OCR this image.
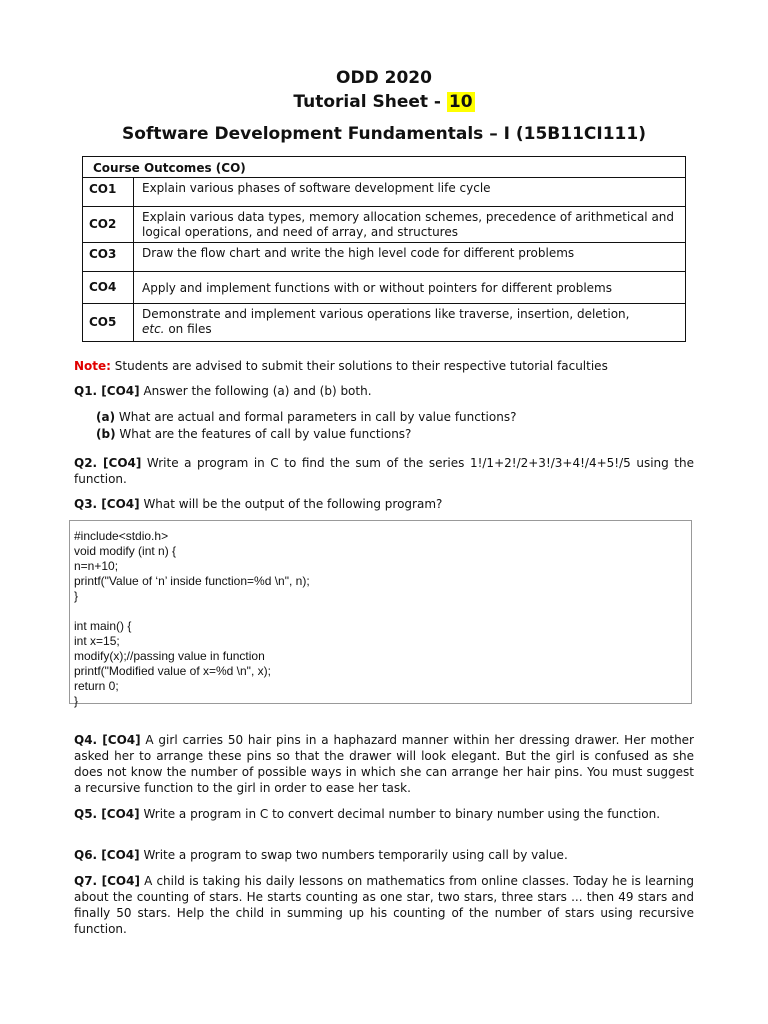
ODD 2020
Tutorial Sheet - 10
Software Development Fundamentals – I (15B11CI111)
Course Outcomes (CO)	
CO1	Explain various phases of software development life cycle
CO2	Explain various data types, memory allocation schemes, precedence of arithmetical and logical operations, and need of array, and structures
CO3	Draw the flow chart and write the high level code for different problems
CO4	Apply and implement functions with or without pointers for different problems
CO5	Demonstrate and implement various operations like traverse, insertion, deletion,
etc. on files
Note: Students are advised to submit their solutions to their respective tutorial faculties
Q1. [CO4] Answer the following (a) and (b) both.
(a) What are actual and formal parameters in call by value functions?
(b) What are the features of call by value functions?
Q2. [CO4] Write a program in C to find the sum of the series 1!/1+2!/2+3!/3+4!/4+5!/5 using the function.
Q3. [CO4] What will be the output of the following program?
#include<stdio.h>
void modify (int n) {
n=n+10;
printf("Value of ‘n’ inside function=%d \n", n);
}
int main() {
int x=15;
modify(x);//passing value in function
printf("Modified value of x=%d \n", x);
return 0;
}
Q4. [CO4] A girl carries 50 hair pins in a haphazard manner within her dressing drawer. Her mother asked her to arrange these pins so that the drawer will look elegant. But the girl is confused as she does not know the number of possible ways in which she can arrange her hair pins. You must suggest a recursive function to the girl in order to ease her task.
Q5. [CO4] Write a program in C to convert decimal number to binary number using the function.
Q6. [CO4] Write a program to swap two numbers temporarily using call by value.
Q7. [CO4] A child is taking his daily lessons on mathematics from online classes. Today he is learning about the counting of stars. He starts counting as one star, two stars, three stars ... then 49 stars and finally 50 stars. Help the child in summing up his counting of the number of stars using recursive function.
